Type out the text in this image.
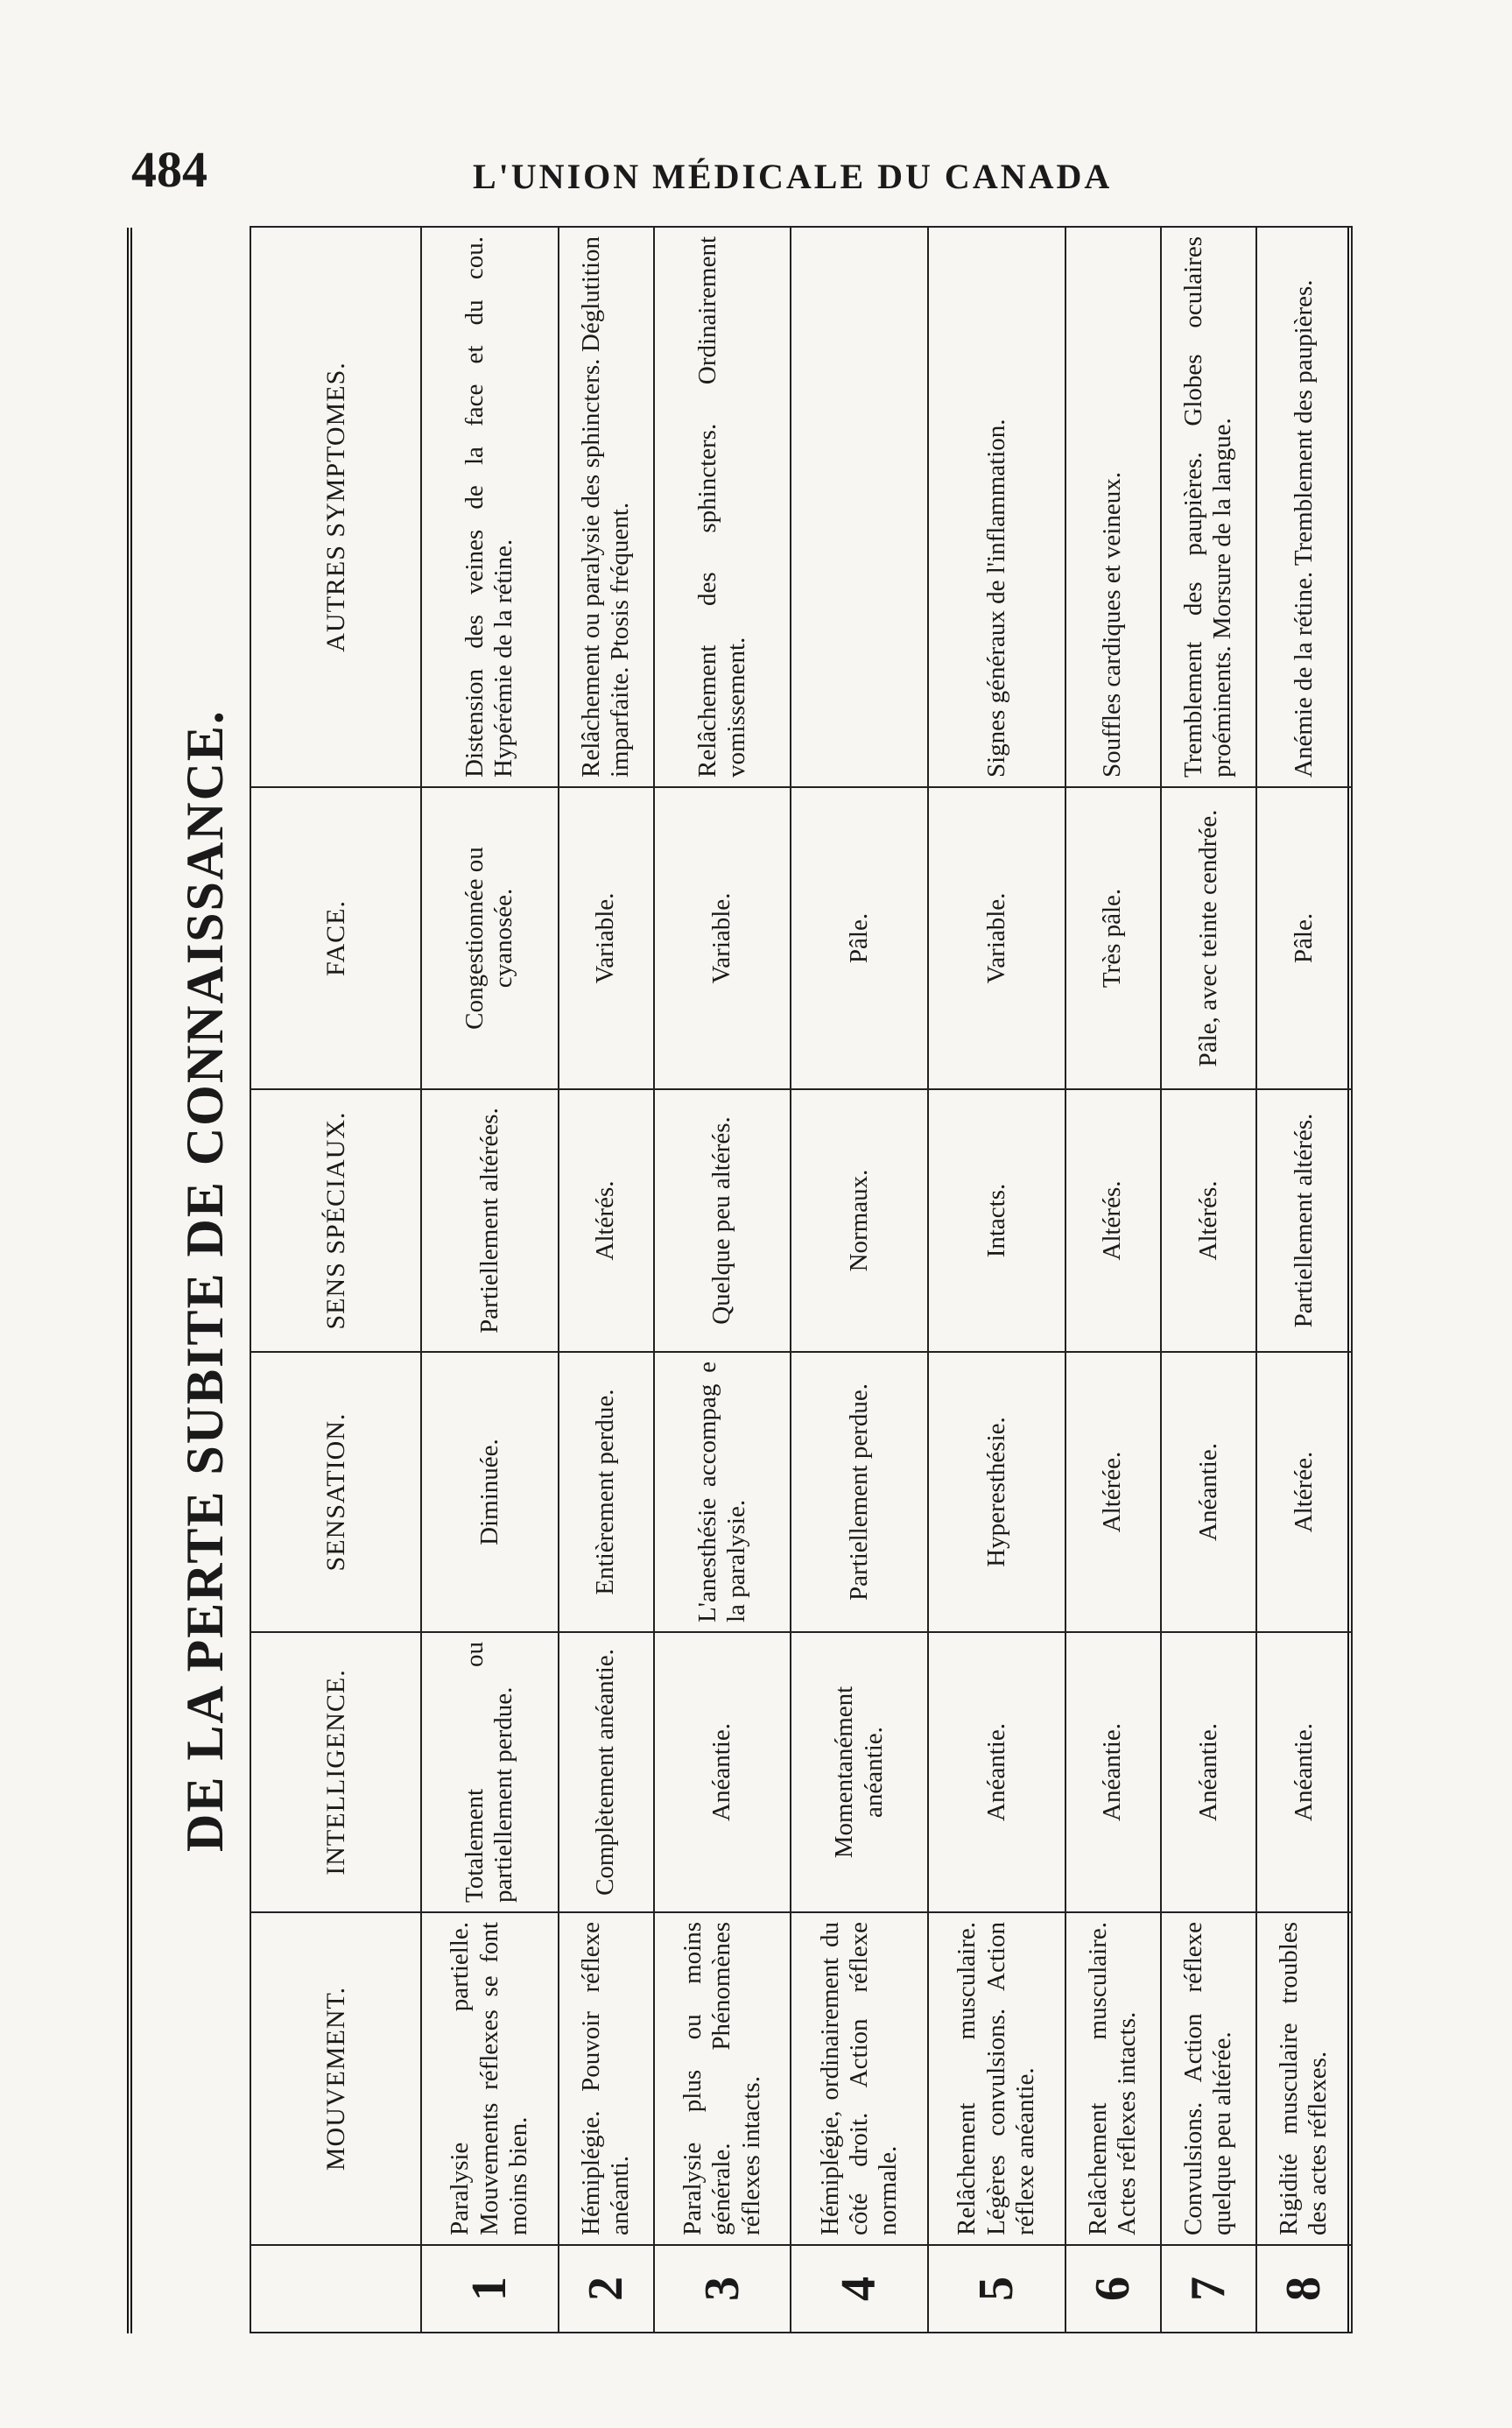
484	L'UNION MÉDICALE DU CANADA
DE LA PERTE SUBITE DE CONNAISSANCE.
	MOUVEMENT.	INTELLIGENCE.	SENSATION.	SENS SPÉCIAUX.	FACE.	AUTRES SYMPTOMES.
1	Paralysie partielle. Mouvements réflexes se font moins bien.	Totalement ou partiellement perdue.	Diminuée.	Partiellement altérées.	Congestionnée ou cyanosée.	Distension des veines de la face et du cou. Hypérémie de la rétine.
2	Hémiplégie. Pouvoir réflexe anéanti.	Complètement anéantie.	Entièrement perdue.	Altérés.	Variable.	Relâchement ou paralysie des sphincters. Déglutition imparfaite. Ptosis fréquent.
3	Paralysie plus ou moins générale. Phénomènes réflexes intacts.	Anéantie.	L'anesthésie accompag e la paralysie.	Quelque peu altérés.	Variable.	Relâchement des sphincters. Ordinairement vomissement.
4	Hémiplégie, ordinairement du côté droit. Action réflexe normale.	Momentanément anéantie.	Partiellement perdue.	Normaux.	Pâle.	
5	Relâchement musculaire. Légères convulsions. Action réflexe anéantie.	Anéantie.	Hyperesthésie.	Intacts.	Variable.	Signes généraux de l'inflammation.
6	Relâchement musculaire. Actes réflexes intacts.	Anéantie.	Altérée.	Altérés.	Très pâle.	Souffles cardiques et veineux.
7	Convulsions. Action réflexe quelque peu altérée.	Anéantie.	Anéantie.	Altérés.	Pâle, avec teinte cendrée.	Tremblement des paupières. Globes oculaires proéminents. Morsure de la langue.
8	Rigidité musculaire troubles des actes réflexes.	Anéantie.	Altérée.	Partiellement altérés.	Pâle.	Anémie de la rétine. Tremblement des paupières.
